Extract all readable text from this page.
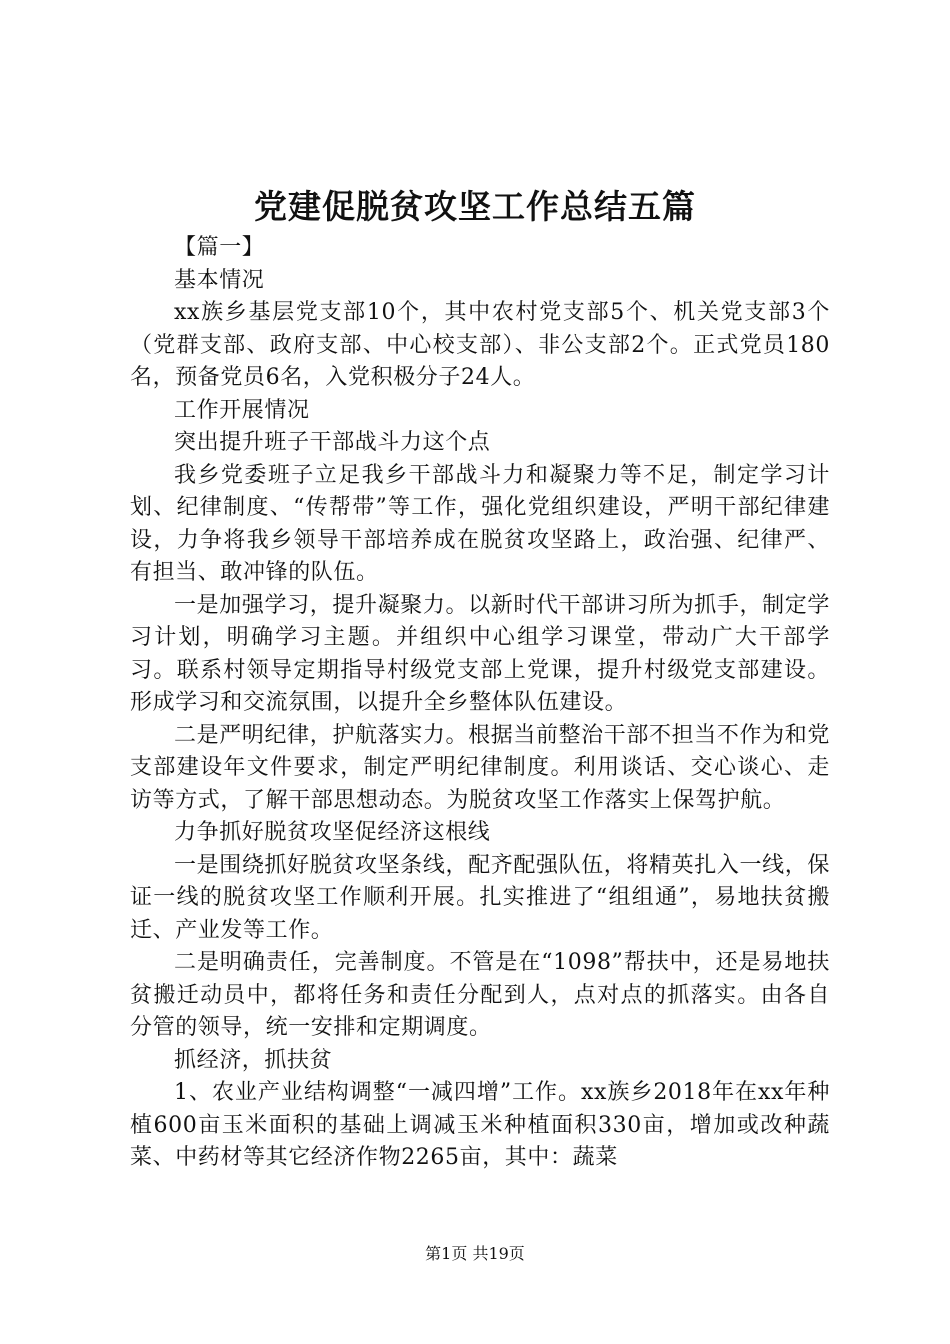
党建促脱贫攻坚工作总结五篇

【篇一】

基本情况

xx族乡基层党支部10个，其中农村党支部5个、机关党支部3个（党群支部、政府支部、中心校支部）、非公支部2个。正式党员180名，预备党员6名，入党积极分子24人。

工作开展情况

突出提升班子干部战斗力这个点

我乡党委班子立足我乡干部战斗力和凝聚力等不足，制定学习计划、纪律制度、“传帮带”等工作，强化党组织建设，严明干部纪律建设，力争将我乡领导干部培养成在脱贫攻坚路上，政治强、纪律严、有担当、敢冲锋的队伍。

一是加强学习，提升凝聚力。以新时代干部讲习所为抓手，制定学习计划，明确学习主题。并组织中心组学习课堂，带动广大干部学习。联系村领导定期指导村级党支部上党课，提升村级党支部建设。形成学习和交流氛围，以提升全乡整体队伍建设。

二是严明纪律，护航落实力。根据当前整治干部不担当不作为和党支部建设年文件要求，制定严明纪律制度。利用谈话、交心谈心、走访等方式，了解干部思想动态。为脱贫攻坚工作落实上保驾护航。

力争抓好脱贫攻坚促经济这根线

一是围绕抓好脱贫攻坚条线，配齐配强队伍，将精英扎入一线，保证一线的脱贫攻坚工作顺利开展。扎实推进了“组组通”，易地扶贫搬迁、产业发等工作。

二是明确责任，完善制度。不管是在“1098”帮扶中，还是易地扶贫搬迁动员中，都将任务和责任分配到人，点对点的抓落实。由各自分管的领导，统一安排和定期调度。

抓经济，抓扶贫

1、农业产业结构调整“一减四增”工作。xx族乡2018年在xx年种植600亩玉米面积的基础上调减玉米种植面积330亩，增加或改种蔬菜、中药材等其它经济作物2265亩，其中：蔬菜

第1页 共19页
